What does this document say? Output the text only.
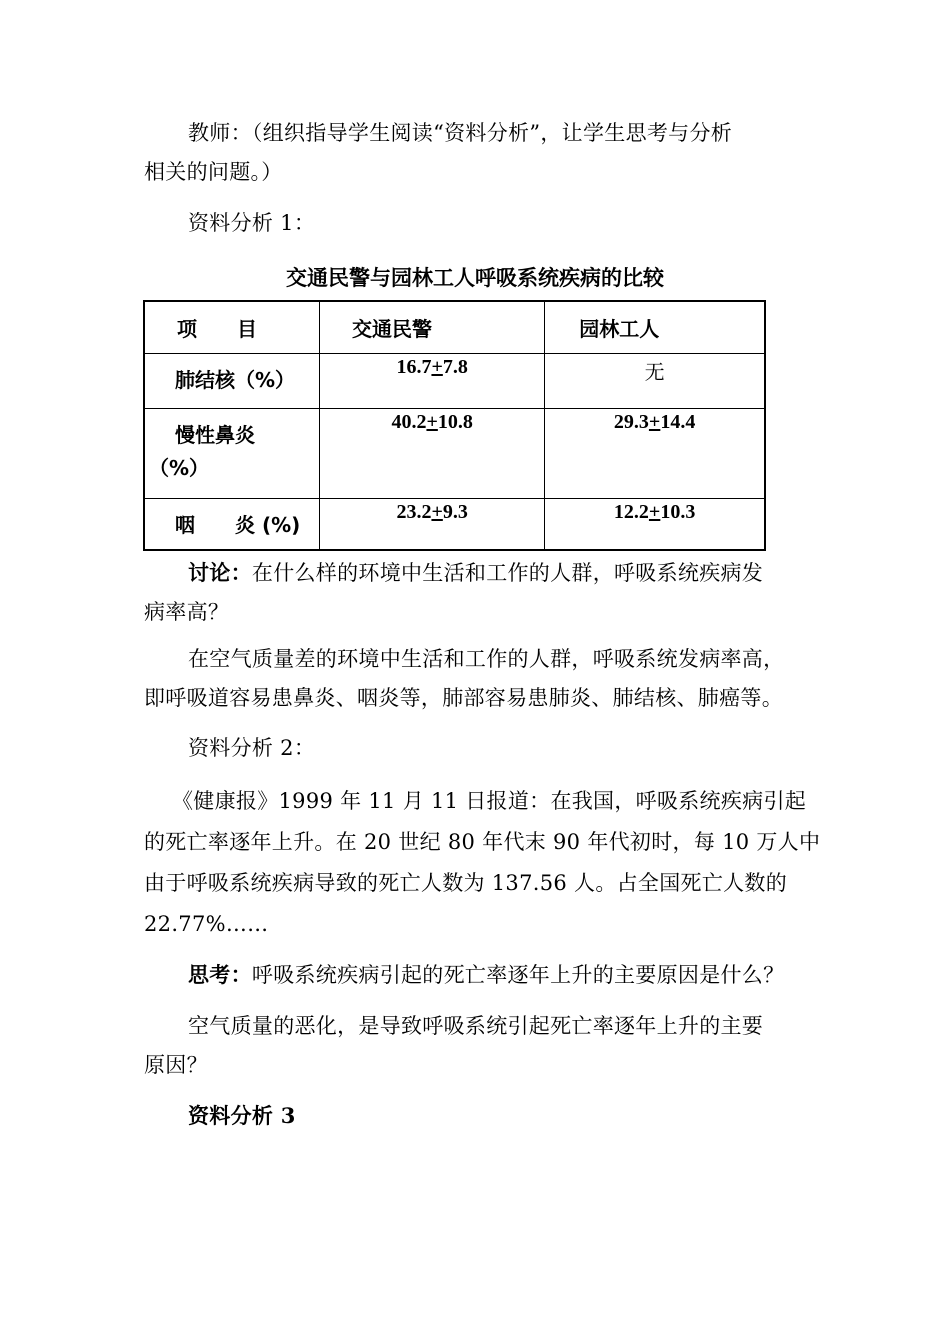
教师：（组织指导学生阅读“资料分析”，让学生思考与分析
相关的问题。）
资料分析 1：
交通民警与园林工人呼吸系统疾病的比较
项　　目	交通民警	园林工人

肺结核（%）	16.7+7.8	无

慢性鼻炎
（%）	40.2+10.8	29.3+14.4

咽　　炎 (%)	23.2+9.3	12.2+10.3
讨论：在什么样的环境中生活和工作的人群，呼吸系统疾病发
病率高？
在空气质量差的环境中生活和工作的人群，呼吸系统发病率高，
即呼吸道容易患鼻炎、咽炎等，肺部容易患肺炎、肺结核、肺癌等。
资料分析 2：
《健康报》1999 年 11 月 11 日报道：在我国，呼吸系统疾病引起
的死亡率逐年上升。在 20 世纪 80 年代末 90 年代初时，每 10 万人中
由于呼吸系统疾病导致的死亡人数为 137.56 人。占全国死亡人数的
22.77%……
思考：呼吸系统疾病引起的死亡率逐年上升的主要原因是什么？
空气质量的恶化，是导致呼吸系统引起死亡率逐年上升的主要
原因？
资料分析 3
